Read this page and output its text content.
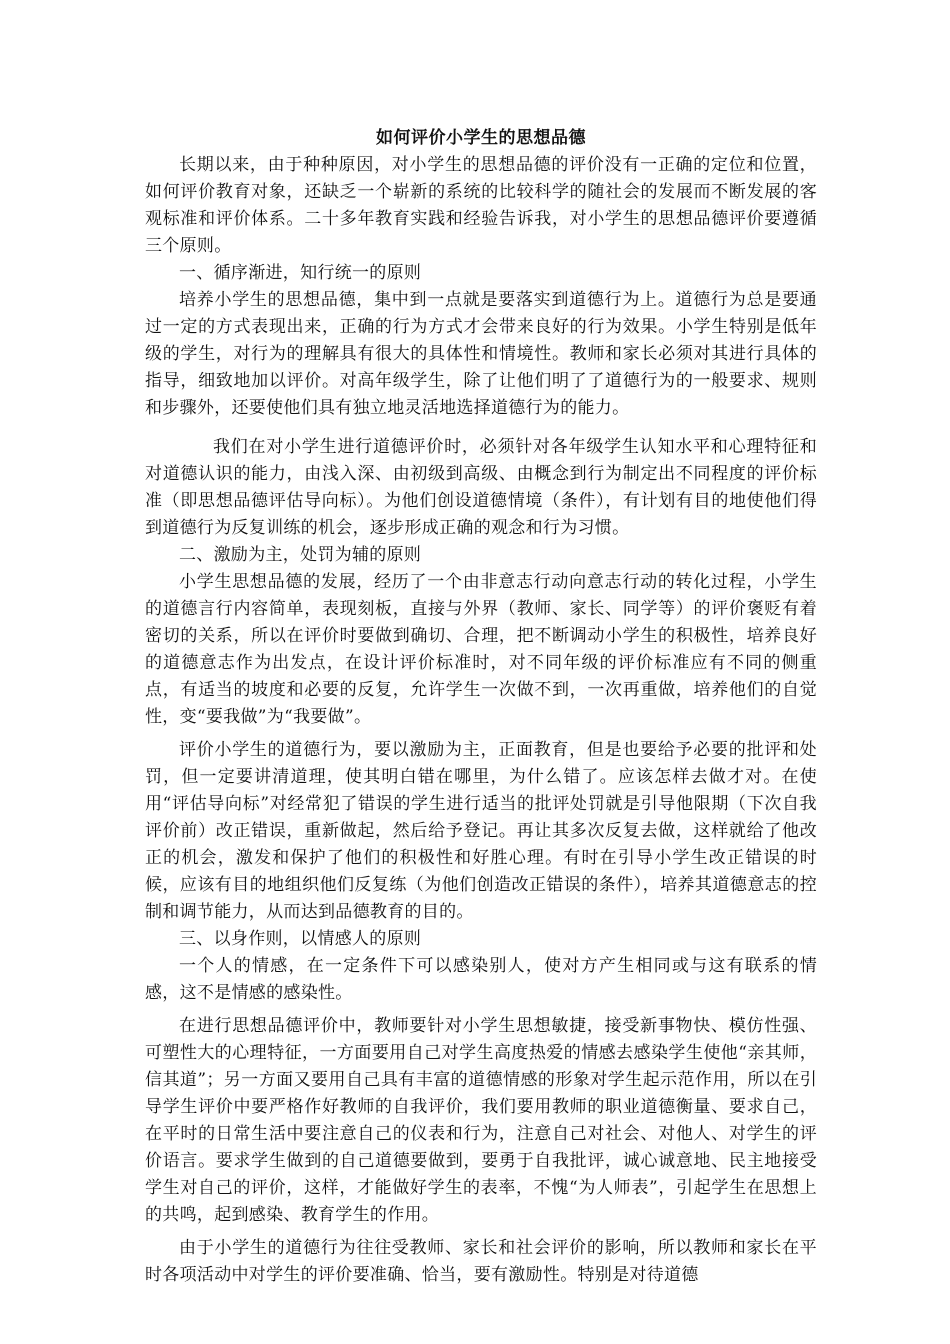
如何评价小学生的思想品德

长期以来，由于种种原因，对小学生的思想品德的评价没有一正确的定位和位置，如何评价教育对象，还缺乏一个崭新的系统的比较科学的随社会的发展而不断发展的客观标准和评价体系。二十多年教育实践和经验告诉我，对小学生的思想品德评价要遵循三个原则。

一、循序渐进，知行统一的原则

培养小学生的思想品德，集中到一点就是要落实到道德行为上。道德行为总是要通过一定的方式表现出来，正确的行为方式才会带来良好的行为效果。小学生特别是低年级的学生，对行为的理解具有很大的具体性和情境性。教师和家长必须对其进行具体的指导，细致地加以评价。对高年级学生，除了让他们明了了道德行为的一般要求、规则和步骤外，还要使他们具有独立地灵活地选择道德行为的能力。

我们在对小学生进行道德评价时，必须针对各年级学生认知水平和心理特征和对道德认识的能力，由浅入深、由初级到高级、由概念到行为制定出不同程度的评价标准（即思想品德评估导向标）。为他们创设道德情境（条件），有计划有目的地使他们得到道德行为反复训练的机会，逐步形成正确的观念和行为习惯。

二、激励为主，处罚为辅的原则

小学生思想品德的发展，经历了一个由非意志行动向意志行动的转化过程，小学生的道德言行内容简单，表现刻板，直接与外界（教师、家长、同学等）的评价褒贬有着密切的关系，所以在评价时要做到确切、合理，把不断调动小学生的积极性，培养良好的道德意志作为出发点，在设计评价标准时，对不同年级的评价标准应有不同的侧重点，有适当的坡度和必要的反复，允许学生一次做不到，一次再重做，培养他们的自觉性，变“要我做”为“我要做”。

评价小学生的道德行为，要以激励为主，正面教育，但是也要给予必要的批评和处罚，但一定要讲清道理，使其明白错在哪里，为什么错了。应该怎样去做才对。在使用“评估导向标”对经常犯了错误的学生进行适当的批评处罚就是引导他限期（下次自我评价前）改正错误，重新做起，然后给予登记。再让其多次反复去做，这样就给了他改正的机会，激发和保护了他们的积极性和好胜心理。有时在引导小学生改正错误的时候，应该有目的地组织他们反复练（为他们创造改正错误的条件），培养其道德意志的控制和调节能力，从而达到品德教育的目的。

三、以身作则，以情感人的原则

一个人的情感，在一定条件下可以感染别人，使对方产生相同或与这有联系的情感，这不是情感的感染性。

在进行思想品德评价中，教师要针对小学生思想敏捷，接受新事物快、模仿性强、可塑性大的心理特征，一方面要用自己对学生高度热爱的情感去感染学生使他“亲其师，信其道”；另一方面又要用自己具有丰富的道德情感的形象对学生起示范作用，所以在引导学生评价中要严格作好教师的自我评价，我们要用教师的职业道德衡量、要求自己，在平时的日常生活中要注意自己的仪表和行为，注意自己对社会、对他人、对学生的评价语言。要求学生做到的自己道德要做到，要勇于自我批评，诚心诚意地、民主地接受学生对自己的评价，这样，才能做好学生的表率，不愧“为人师表”，引起学生在思想上的共鸣，起到感染、教育学生的作用。

由于小学生的道德行为往往受教师、家长和社会评价的影响，所以教师和家长在平时各项活动中对学生的评价要准确、恰当，要有激励性。特别是对待道德
